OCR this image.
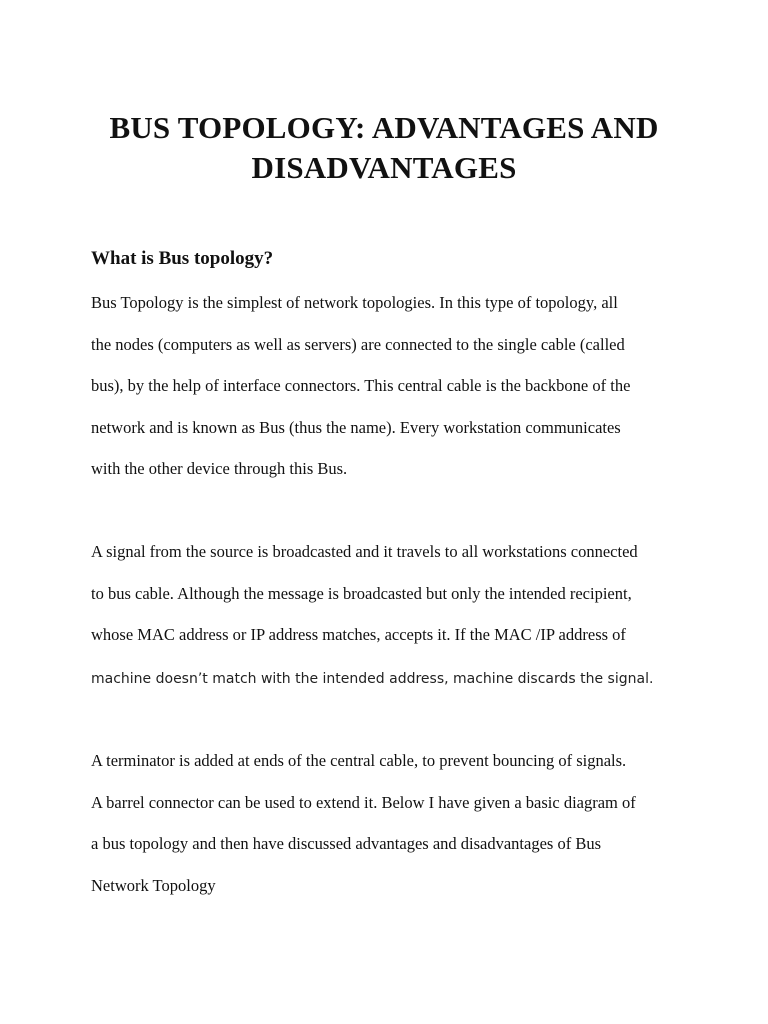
BUS TOPOLOGY: ADVANTAGES AND
DISADVANTAGES
What is Bus topology?

Bus Topology is the simplest of network topologies. In this type of topology, all

the nodes (computers as well as servers) are connected to the single cable (called

bus), by the help of interface connectors. This central cable is the backbone of the

network and is known as Bus (thus the name). Every workstation communicates

with the other device through this Bus.

A signal from the source is broadcasted and it travels to all workstations connected

to bus cable. Although the message is broadcasted but only the intended recipient,

whose MAC address or IP address matches, accepts it. If the MAC /IP address of

machine doesn’t match with the intended address, machine discards the signal.

A terminator is added at ends of the central cable, to prevent bouncing of signals.

A barrel connector can be used to extend it. Below I have given a basic diagram of

a bus topology and then have discussed advantages and disadvantages of Bus

Network Topology
